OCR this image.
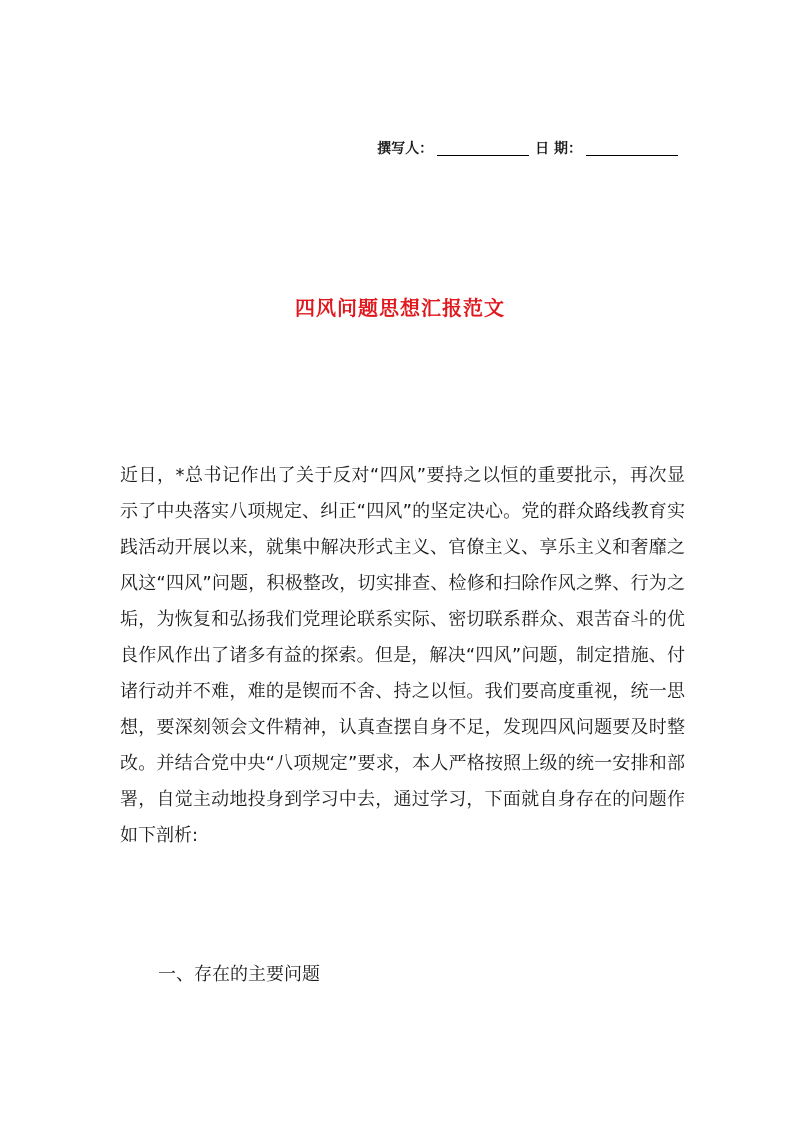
撰写人：	日 期：
四风问题思想汇报范文
近日，*总书记作出了关于反对“四风”要持之以恒的重要批示，再次显示了中央落实八项规定、纠正“四风”的坚定决心。党的群众路线教育实践活动开展以来，就集中解决形式主义、官僚主义、享乐主义和奢靡之风这“四风”问题，积极整改，切实排查、检修和扫除作风之弊、行为之垢，为恢复和弘扬我们党理论联系实际、密切联系群众、艰苦奋斗的优良作风作出了诸多有益的探索。但是，解决“四风”问题，制定措施、付诸行动并不难，难的是锲而不舍、持之以恒。我们要高度重视，统一思想，要深刻领会文件精神，认真查摆自身不足，发现四风问题要及时整改。并结合党中央“八项规定”要求，本人严格按照上级的统一安排和部署，自觉主动地投身到学习中去，通过学习，下面就自身存在的问题作如下剖析:
一、存在的主要问题
